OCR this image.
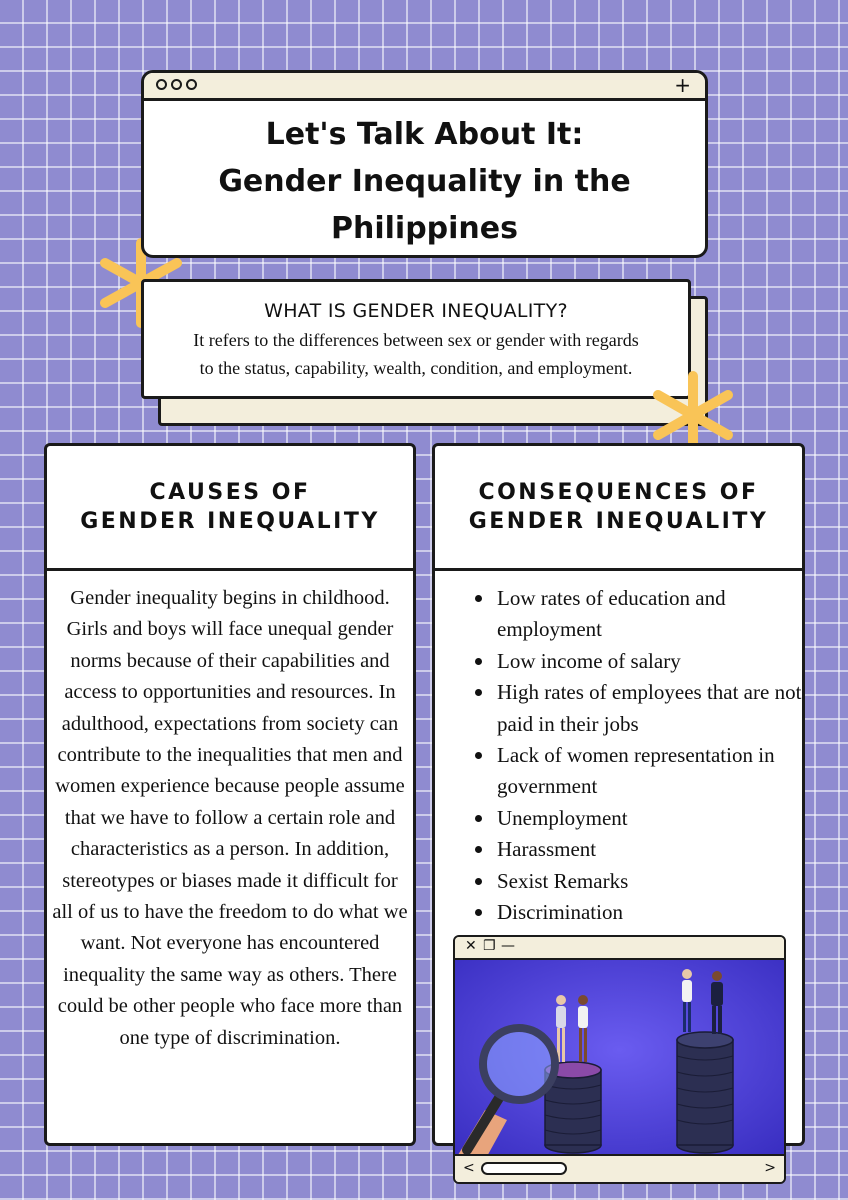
+
Let's Talk About It:
Gender Inequality in the
Philippines
WHAT IS GENDER INEQUALITY?
It refers to the differences between sex or gender with regards
to the status, capability, wealth, condition, and employment.
CAUSES OF
GENDER INEQUALITY

Gender inequality begins in childhood. Girls and boys will face unequal gender norms because of their capabilities and access to opportunities and resources. In adulthood, expectations from society can contribute to the inequalities that men and women experience because people assume that we have to follow a certain role and characteristics as a person. In addition, stereotypes or biases made it difficult for all of us to have the freedom to do what we want. Not everyone has encountered inequality the same way as others. There could be other people who face more than one type of discrimination.

CONSEQUENCES OF
GENDER INEQUALITY
Low rates of education and employment
Low income of salary
High rates of employees that are not paid in their jobs
Lack of women representation in government
Unemployment
Harassment
Sexist Remarks
Discrimination
✕ ❐ —
<	>
